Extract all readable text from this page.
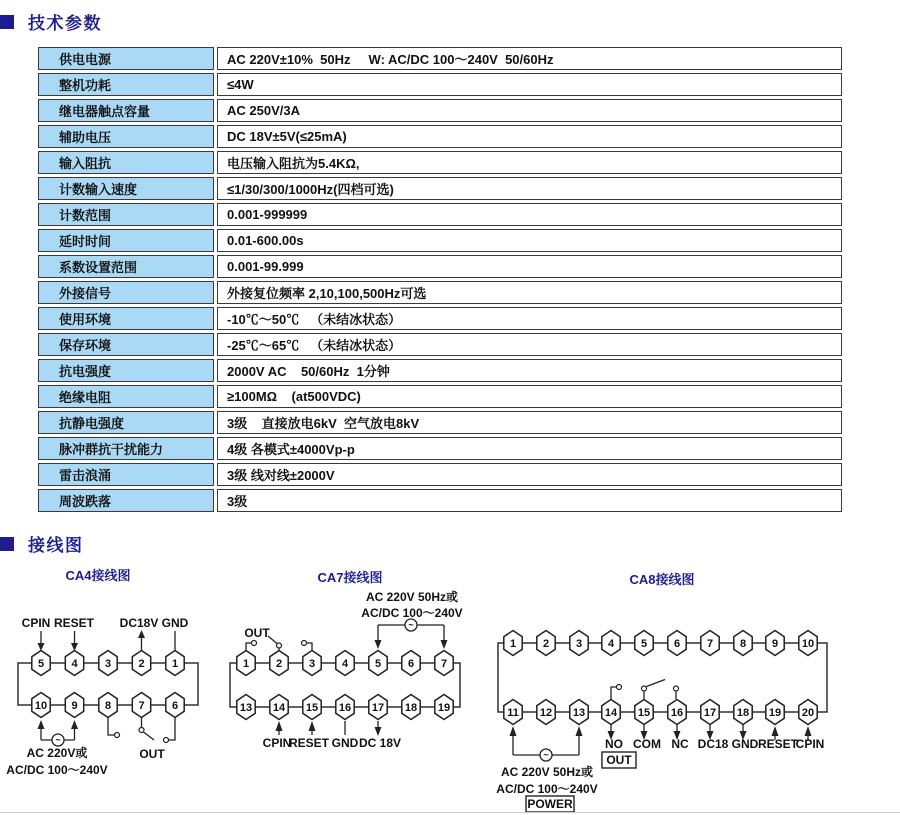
技术参数
供电电源	AC 220V±10%  50Hz     W: AC/DC 100～240V  50/60Hz
整机功耗	≤4W
继电器触点容量	AC 250V/3A
辅助电压	DC 18V±5V(≤25mA)
输入阻抗	电压输入阻抗为5.4KΩ,
计数输入速度	≤1/30/300/1000Hz(四档可选)
计数范围	0.001-999999
延时时间	0.01-600.00s
系数设置范围	0.001-99.999
外接信号	外接复位频率 2,10,100,500Hz可选
使用环境	-10℃～50℃   （未结冰状态）
保存环境	-25℃～65℃   （未结冰状态）
抗电强度	2000V AC    50/60Hz  1分钟
绝缘电阻	≥100MΩ    (at500VDC)
抗静电强度	3级    直接放电6kV  空气放电8kV
脉冲群抗干扰能力	4级 各模式±4000Vp-p
雷击浪涌	3级 线对线±2000V
周波跌落	3级
接线图
CA4接线图	CA7接线图	CA8接线图
~
CPIN RESET DC18V GND
AC 220V或
AC/DC 100～240V
OUT
5 4 3 2 1
10 9 8 7 6
~
AC 220V 50Hz或
AC/DC 100～240V
OUT
CPIN
RESET GND DC 18V
1 2 3 4 5 6 7
13 14 15 16 17 18 19
~
NO COM NC DC18 GND RESET
CPIN
OUT
POWER
AC 220V 50Hz或
AC/DC 100～240V
1 2 3 4 5 6 7 8 9 10
11 12 13 14 15 16 17 18 19 20
